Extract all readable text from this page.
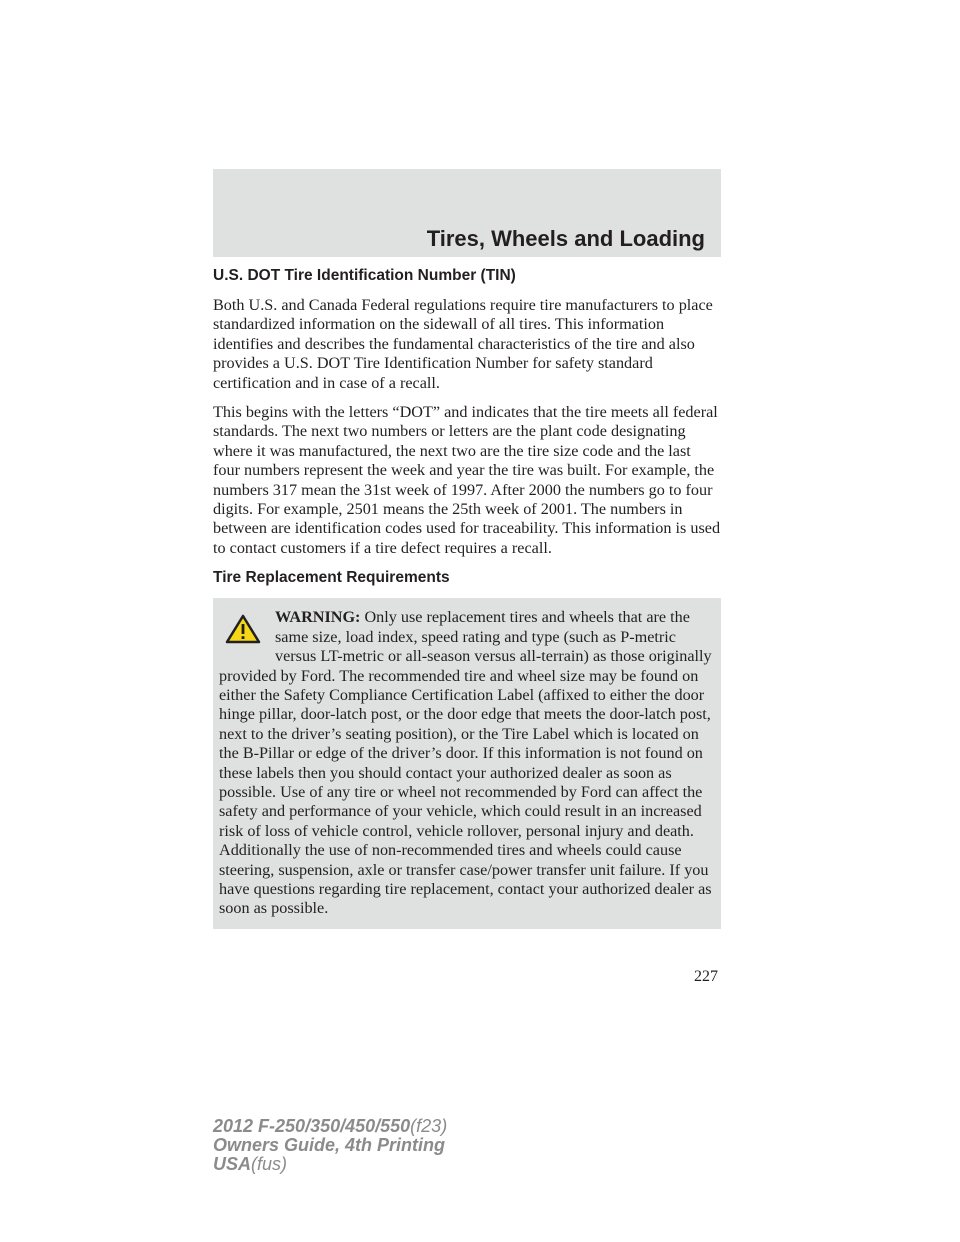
Tires, Wheels and Loading
U.S. DOT Tire Identification Number (TIN)

Both U.S. and Canada Federal regulations require tire manufacturers to place standardized information on the sidewall of all tires. This information identifies and describes the fundamental characteristics of the tire and also provides a U.S. DOT Tire Identification Number for safety standard certification and in case of a recall.

This begins with the letters “DOT” and indicates that the tire meets all federal standards. The next two numbers or letters are the plant code designating where it was manufactured, the next two are the tire size code and the last four numbers represent the week and year the tire was built. For example, the numbers 317 mean the 31st week of 1997. After 2000 the numbers go to four digits. For example, 2501 means the 25th week of 2001. The numbers in between are identification codes used for traceability. This information is used to contact customers if a tire defect requires a recall.

Tire Replacement Requirements
WARNING: Only use replacement tires and wheels that are the same size, load index, speed rating and type (such as P-metric versus LT-metric or all-season versus all-terrain) as those originally provided by Ford. The recommended tire and wheel size may be found on either the Safety Compliance Certification Label (affixed to either the door hinge pillar, door-latch post, or the door edge that meets the door-latch post, next to the driver’s seating position), or the Tire Label which is located on the B-Pillar or edge of the driver’s door. If this information is not found on these labels then you should contact your authorized dealer as soon as possible. Use of any tire or wheel not recommended by Ford can affect the safety and performance of your vehicle, which could result in an increased risk of loss of vehicle control, vehicle rollover, personal injury and death. Additionally the use of non-recommended tires and wheels could cause steering, suspension, axle or transfer case/power transfer unit failure. If you have questions regarding tire replacement, contact your authorized dealer as soon as possible.
227
2012 F-250/350/450/550(f23)
Owners Guide, 4th Printing
USA(fus)
